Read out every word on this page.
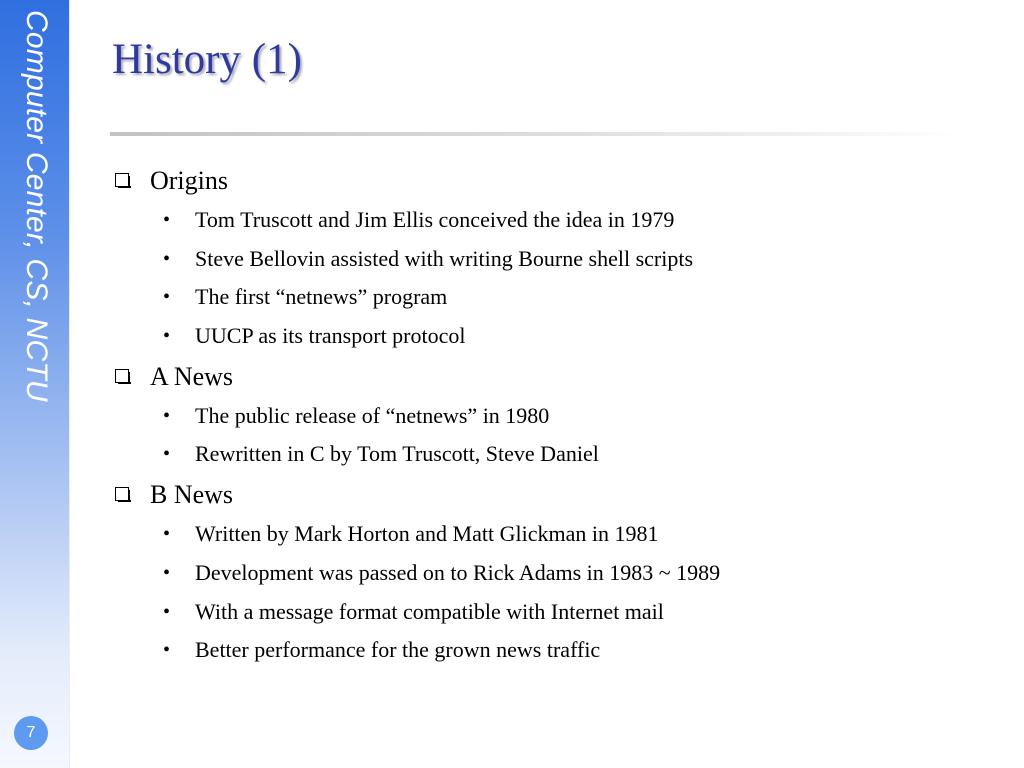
Computer Center, CS, NCTU
7
History (1)
Origins
• Tom Truscott and Jim Ellis conceived the idea in 1979
• Steve Bellovin assisted with writing Bourne shell scripts
• The first “netnews” program
• UUCP as its transport protocol
A News
• The public release of “netnews” in 1980
• Rewritten in C by Tom Truscott, Steve Daniel
B News
• Written by Mark Horton and Matt Glickman in 1981
• Development was passed on to Rick Adams in 1983 ~ 1989
• With a message format compatible with Internet mail
• Better performance for the grown news traffic
